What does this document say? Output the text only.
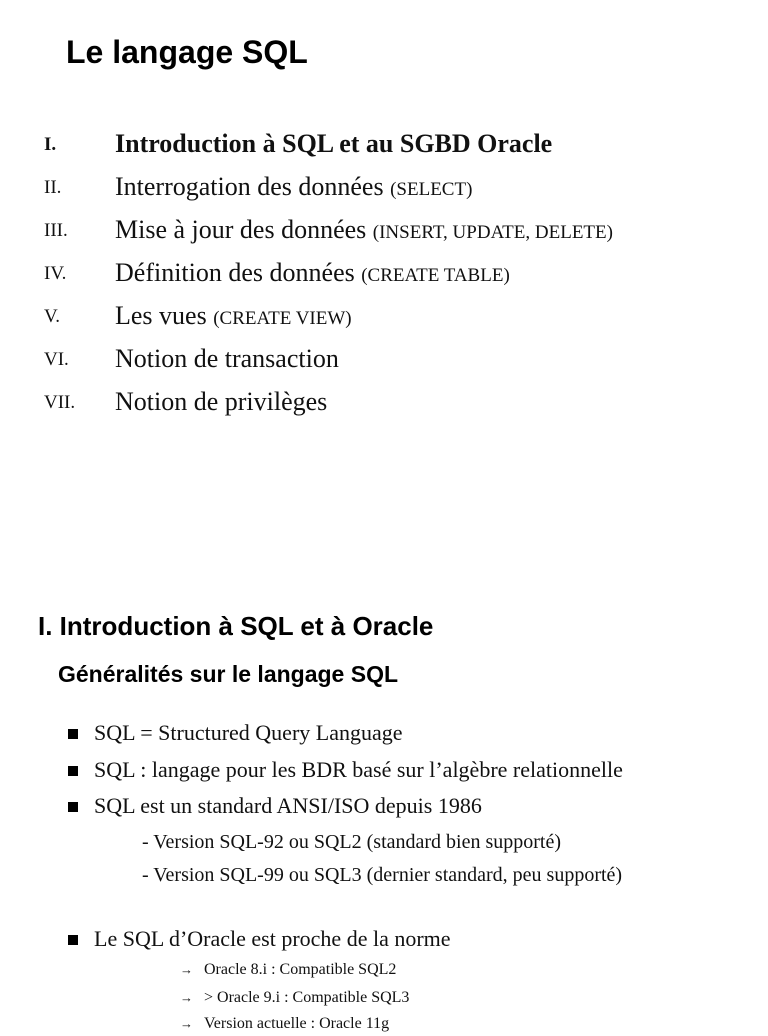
Le langage SQL
I. Introduction à SQL et au SGBD Oracle
II. Interrogation des données (SELECT)
III. Mise à jour des données (INSERT, UPDATE, DELETE)
IV. Définition des données (CREATE TABLE)
V. Les vues (CREATE VIEW)
VI. Notion de transaction
VII. Notion de privilèges
I. Introduction à SQL et à Oracle
Généralités sur le langage SQL
SQL = Structured Query Language
SQL : langage pour les BDR basé sur l’algèbre relationnelle
SQL est un standard ANSI/ISO depuis 1986
- Version SQL-92 ou SQL2 (standard bien supporté)
- Version SQL-99 ou SQL3 (dernier standard, peu supporté)
Le SQL d’Oracle est proche de la norme
→ Oracle 8.i : Compatible SQL2
→ > Oracle 9.i : Compatible SQL3
→ Version actuelle : Oracle 11g
